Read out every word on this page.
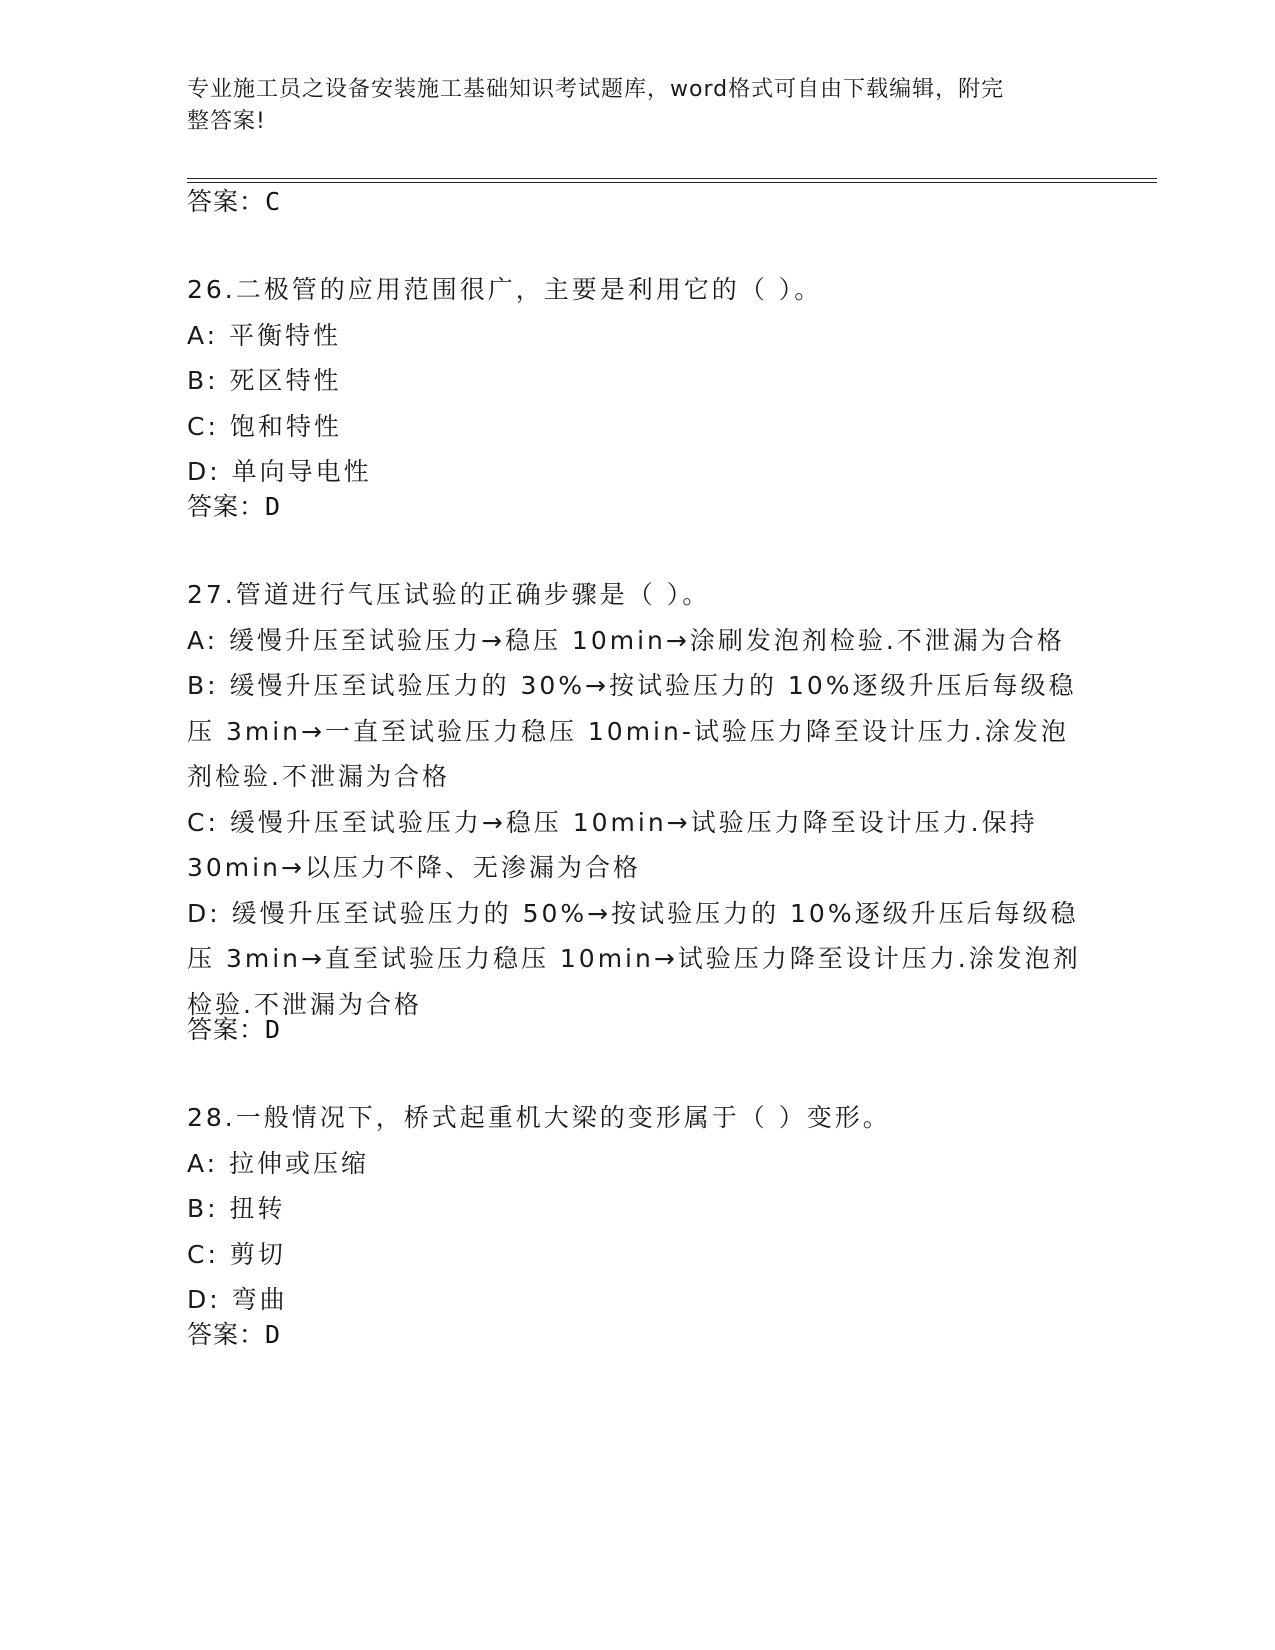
专业施工员之设备安装施工基础知识考试题库，word格式可自由下载编辑，附完
整答案!
答案：C
26.二极管的应用范围很广，主要是利用它的（ ）。
A: 平衡特性
B: 死区特性
C: 饱和特性
D: 单向导电性
答案：D
27.管道进行气压试验的正确步骤是（ ）。
A: 缓慢升压至试验压力→稳压 10min→涂刷发泡剂检验.不泄漏为合格
B: 缓慢升压至试验压力的 30%→按试验压力的 10%逐级升压后每级稳
压 3min→一直至试验压力稳压 10min-试验压力降至设计压力.涂发泡
剂检验.不泄漏为合格
C: 缓慢升压至试验压力→稳压 10min→试验压力降至设计压力.保持
30min→以压力不降、无渗漏为合格
D: 缓慢升压至试验压力的 50%→按试验压力的 10%逐级升压后每级稳
压 3min→直至试验压力稳压 10min→试验压力降至设计压力.涂发泡剂
检验.不泄漏为合格
答案：D
28.一般情况下，桥式起重机大梁的变形属于（ ）变形。
A: 拉伸或压缩
B: 扭转
C: 剪切
D: 弯曲
答案：D
